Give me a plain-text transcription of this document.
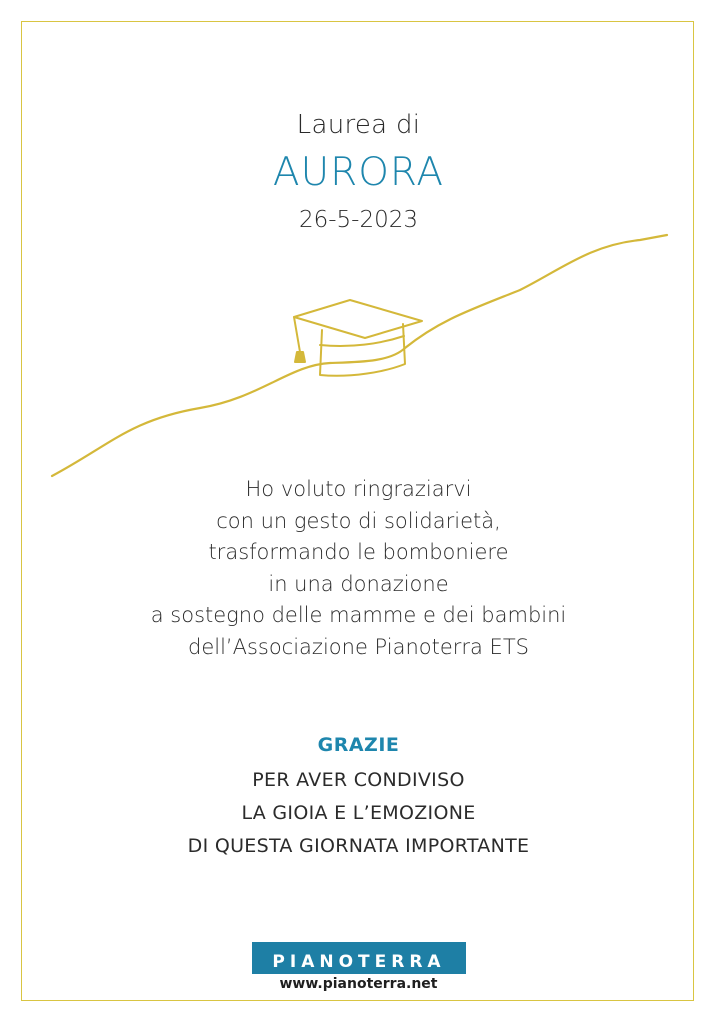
Laurea di
AURORA
26-5-2023
Ho voluto ringraziarvi
con un gesto di solidarietà,
trasformando le bomboniere
in una donazione
a sostegno delle mamme e dei bambini
dell’Associazione Pianoterra ETS
GRAZIE
PER AVER CONDIVISO
LA GIOIA E L’EMOZIONE
DI QUESTA GIORNATA IMPORTANTE
PIANOTERRA
www.pianoterra.net
